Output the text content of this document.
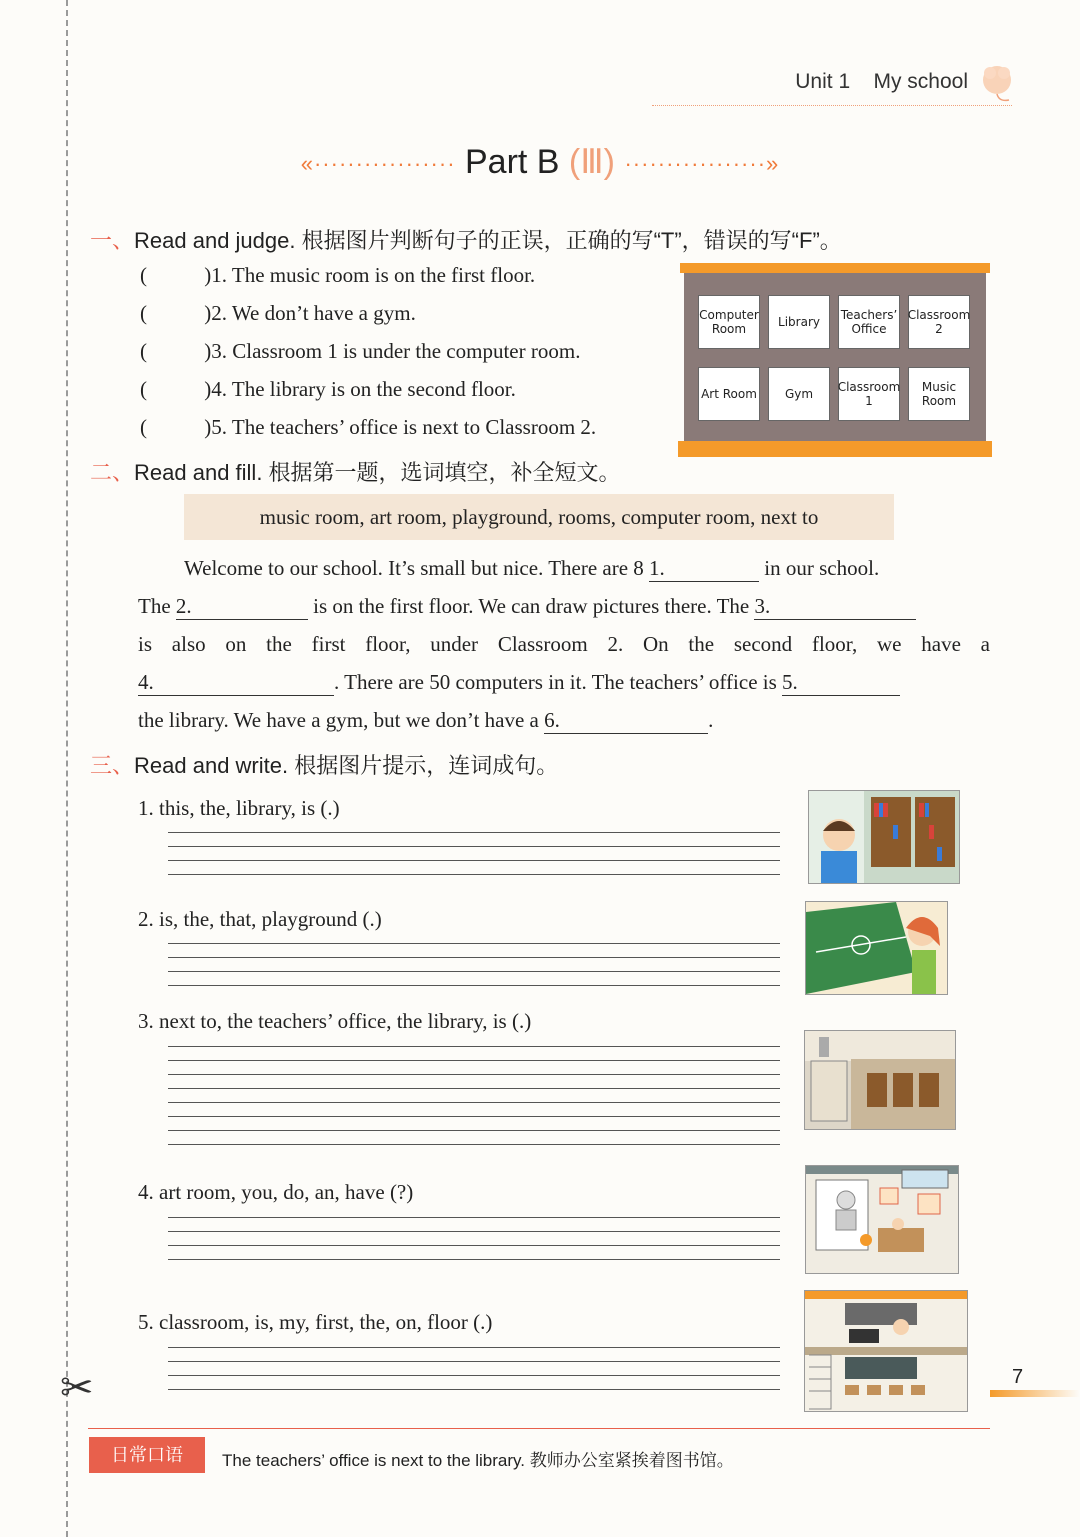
✂
Unit 1 My school
«················· Part B (Ⅲ) ·················»
一、Read and judge. 根据图片判断句子的正误，正确的写“T”，错误的写“F”。
( )1. The music room is on the first floor.
( )2. We don’t have a gym.
( )3. Classroom 1 is under the computer room.
( )4. The library is on the second floor.
( )5. The teachers’ office is next to Classroom 2.
Computer Room
Library
Teachers’ Office
Classroom 2
Art Room	Gym
Classroom 1
Music Room
二、Read and fill. 根据第一题，选词填空，补全短文。
music room, art room, playground, rooms, computer room, next to
Welcome to our school. It’s small but nice. There are 8 1.	in our school.
The 2.	is on the first floor. We can draw pictures there. The 3.
is also on the first floor, under Classroom 2. On the second floor, we have a
4.	. There are 50 computers in it. The teachers’ office is 5.
the library. We have a gym, but we don’t have a 6.	.
三、Read and write. 根据图片提示，连词成句。
1. this, the, library, is (.)
2. is, the, that, playground (.)
3. next to, the teachers’ office, the library, is (.)
4. art room, you, do, an, have (?)
5. classroom, is, my, first, the, on, floor (.)
7
日常口语	The teachers’ office is next to the library. 教师办公室紧挨着图书馆。
